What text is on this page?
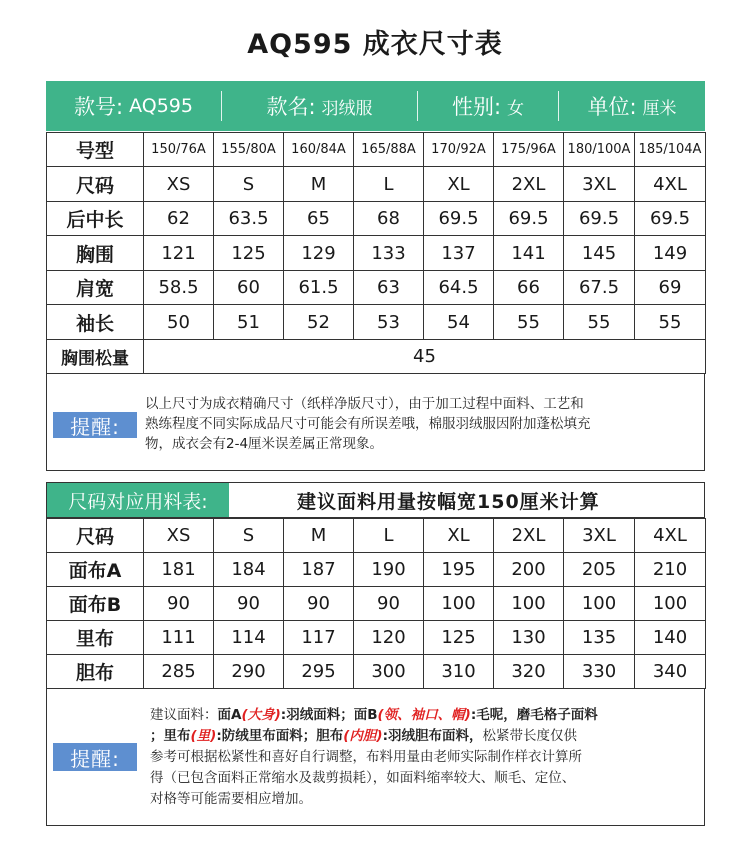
AQ595 成衣尺寸表
款号: AQ595	款名: 羽绒服	性别: 女	单位: 厘米
号型	150/76A	155/80A	160/84A	165/88A	170/92A	175/96A	180/100A	185/104A
尺码	XS	S	M	L	XL	2XL	3XL	4XL
后中长	62	63.5	65	68	69.5	69.5	69.5	69.5
胸围	121	125	129	133	137	141	145	149
肩宽	58.5	60	61.5	63	64.5	66	67.5	69
袖长	50	51	52	53	54	55	55	55
胸围松量	45							
提醒:
以上尺寸为成衣精确尺寸（纸样净版尺寸），由于加工过程中面料、工艺和
熟练程度不同实际成品尺寸可能会有所误差哦，棉服羽绒服因附加蓬松填充
物，成衣会有2-4厘米误差属正常现象。
尺码对应用料表:	建议面料用量按幅宽150厘米计算
尺码	XS	S	M	L	XL	2XL	3XL	4XL
面布A	181	184	187	190	195	200	205	210
面布B	90	90	90	90	100	100	100	100
里布	111	114	117	120	125	130	135	140
胆布	285	290	295	300	310	320	330	340
提醒:
建议面料：面A(大身):羽绒面料；面B(领、袖口、帽):毛呢，磨毛格子面料
；里布(里):防绒里布面料；胆布(内胆):羽绒胆布面料，松紧带长度仅供
参考可根据松紧性和喜好自行调整，布料用量由老师实际制作样衣计算所
得（已包含面料正常缩水及裁剪损耗），如面料缩率较大、顺毛、定位、
对格等可能需要相应增加。
